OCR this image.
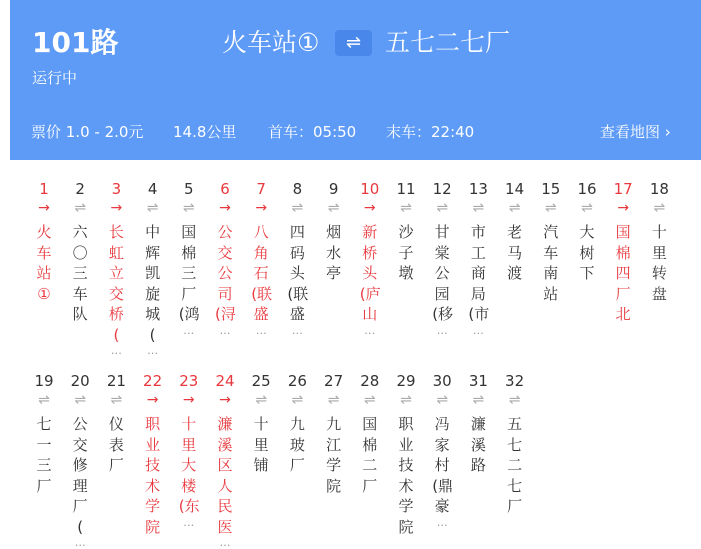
101路
运行中
火车站①	⇌ 五七二七厂
票价 1.0 - 2.0元 14.8公里 首车：05:50 末车：22:40	查看地图 ›
1
→
火车站①
2
⇌
六〇三车队
3
→
长虹立交桥(
…
4
⇌
中辉凯旋城(
…
5
⇌
国棉三厂(鸿
…
6
→
公交公司(浔
…
7
→
八角石(联盛
…
8
⇌
四码头(联盛
…
9
⇌
烟水亭
10
→
新桥头(庐山
…
11
⇌
沙子墩
12
⇌
甘棠公园(移
…
13
⇌
市工商局(市
…
14
⇌
老马渡
15
⇌
汽车南站
16
⇌
大树下
17
→
国棉四厂北
18
⇌
十里转盘
19
⇌
七一三厂
20
⇌
公交修理厂(
…
21
⇌
仪表厂
22
→
职业技术学院
23
→
十里大楼(东
…
24
→
濂溪区人民医
…
25
⇌
十里铺
26
⇌
九玻厂
27
⇌
九江学院
28
⇌
国棉二厂
29
⇌
职业技术学院
30
⇌
冯家村(鼎豪
…
31
⇌
濂溪路
32
⇌
五七二七厂
